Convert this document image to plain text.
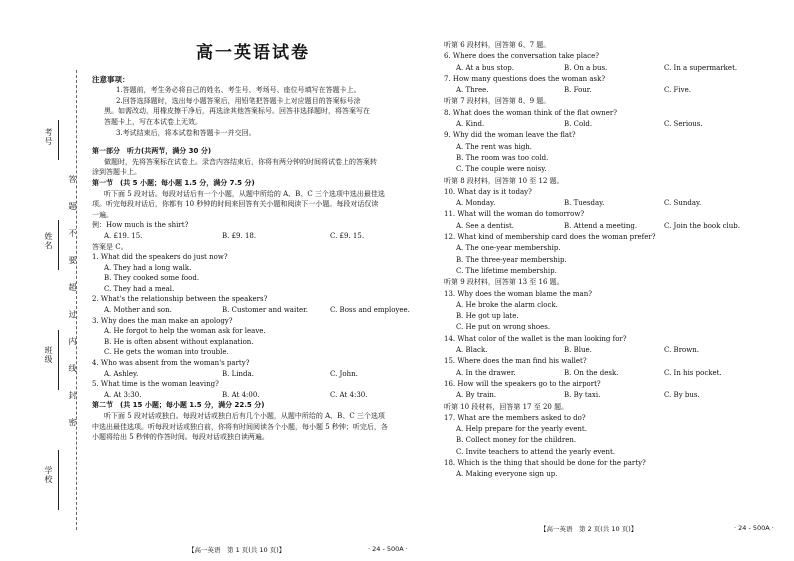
考号
姓名
班级
学校
答
题
不
要
超
过
内
线
封
密
高一英语试卷
注意事项：
1.答题前，考生务必将自己的姓名、考生号、考场号、座位号填写在答题卡上。
2.回答选择题时，选出每小题答案后，用铅笔把答题卡上对应题目的答案标号涂
黑。如需改动，用橡皮擦干净后，再选涂其他答案标号。回答非选择题时，将答案写在
答题卡上，写在本试卷上无效。
3.考试结束后，将本试卷和答题卡一并交回。
第一部分　听力(共两节，满分 30 分)
做题时，先将答案标在试卷上。录音内容结束后，你将有两分钟的时间将试卷上的答案转
涂到答题卡上。
第一节　(共 5 小题；每小题 1.5 分，满分 7.5 分)
听下面 5 段对话。每段对话后有一个小题，从题中所给的 A、B、C 三个选项中选出最佳选
项。听完每段对话后，你都有 10 秒钟的时间来回答有关小题和阅读下一小题。每段对话仅读
一遍。
例：How much is the shirt?
A. £19. 15.	B. £9. 18.	C. £9. 15.
答案是 C。
1. What did the speakers do just now?
A. They had a long walk.
B. They cooked some food.
C. They had a meal.
2. What's the relationship between the speakers?
A. Mother and son.	B. Customer and waiter.	C. Boss and employee.
3. Why does the man make an apology?
A. He forgot to help the woman ask for leave.
B. He is often absent without explanation.
C. He gets the woman into trouble.
4. Who was absent from the woman's party?
A. Ashley.	B. Linda.	C. John.
5. What time is the woman leaving?
A. At 3:30.	B. At 4:00.	C. At 4:30.
第二节　(共 15 小题；每小题 1.5 分，满分 22.5 分)
听下面 5 段对话或独白。每段对话或独白后有几个小题，从题中所给的 A、B、C 三个选项
中选出最佳选项。听每段对话或独白前，你将有时间阅读各个小题，每小题 5 秒钟；听完后，各
小题将给出 5 秒钟的作答时间。每段对话或独白读两遍。
【高一英语　第 1 页(共 10 页)】	· 24 - 500A ·
听第 6 段材料，回答第 6、7 题。
6. Where does the conversation take place?
A. At a bus stop.	B. On a bus.	C. In a supermarket.
7. How many questions does the woman ask?
A. Three.	B. Four.	C. Five.
听第 7 段材料，回答第 8、9 题。
8. What does the woman think of the flat owner?
A. Kind.	B. Cold.	C. Serious.
9. Why did the woman leave the flat?
A. The rent was high.
B. The room was too cold.
C. The couple were noisy.
听第 8 段材料，回答第 10 至 12 题。
10. What day is it today?
A. Monday.	B. Tuesday.	C. Sunday.
11. What will the woman do tomorrow?
A. See a dentist.	B. Attend a meeting.	C. Join the book club.
12. What kind of membership card does the woman prefer?
A. The one-year membership.
B. The three-year membership.
C. The lifetime membership.
听第 9 段材料，回答第 13 至 16 题。
13. Why does the woman blame the man?
A. He broke the alarm clock.
B. He got up late.
C. He put on wrong shoes.
14. What color of the wallet is the man looking for?
A. Black.	B. Blue.	C. Brown.
15. Where does the man find his wallet?
A. In the drawer.	B. On the desk.	C. In his pocket.
16. How will the speakers go to the airport?
A. By train.	B. By taxi.	C. By bus.
听第 10 段材料，回答第 17 至 20 题。
17. What are the members asked to do?
A. Help prepare for the yearly event.
B. Collect money for the children.
C. Invite teachers to attend the yearly event.
18. Which is the thing that should be done for the party?
A. Making everyone sign up.
【高一英语　第 2 页(共 10 页)】	· 24 - 500A ·
